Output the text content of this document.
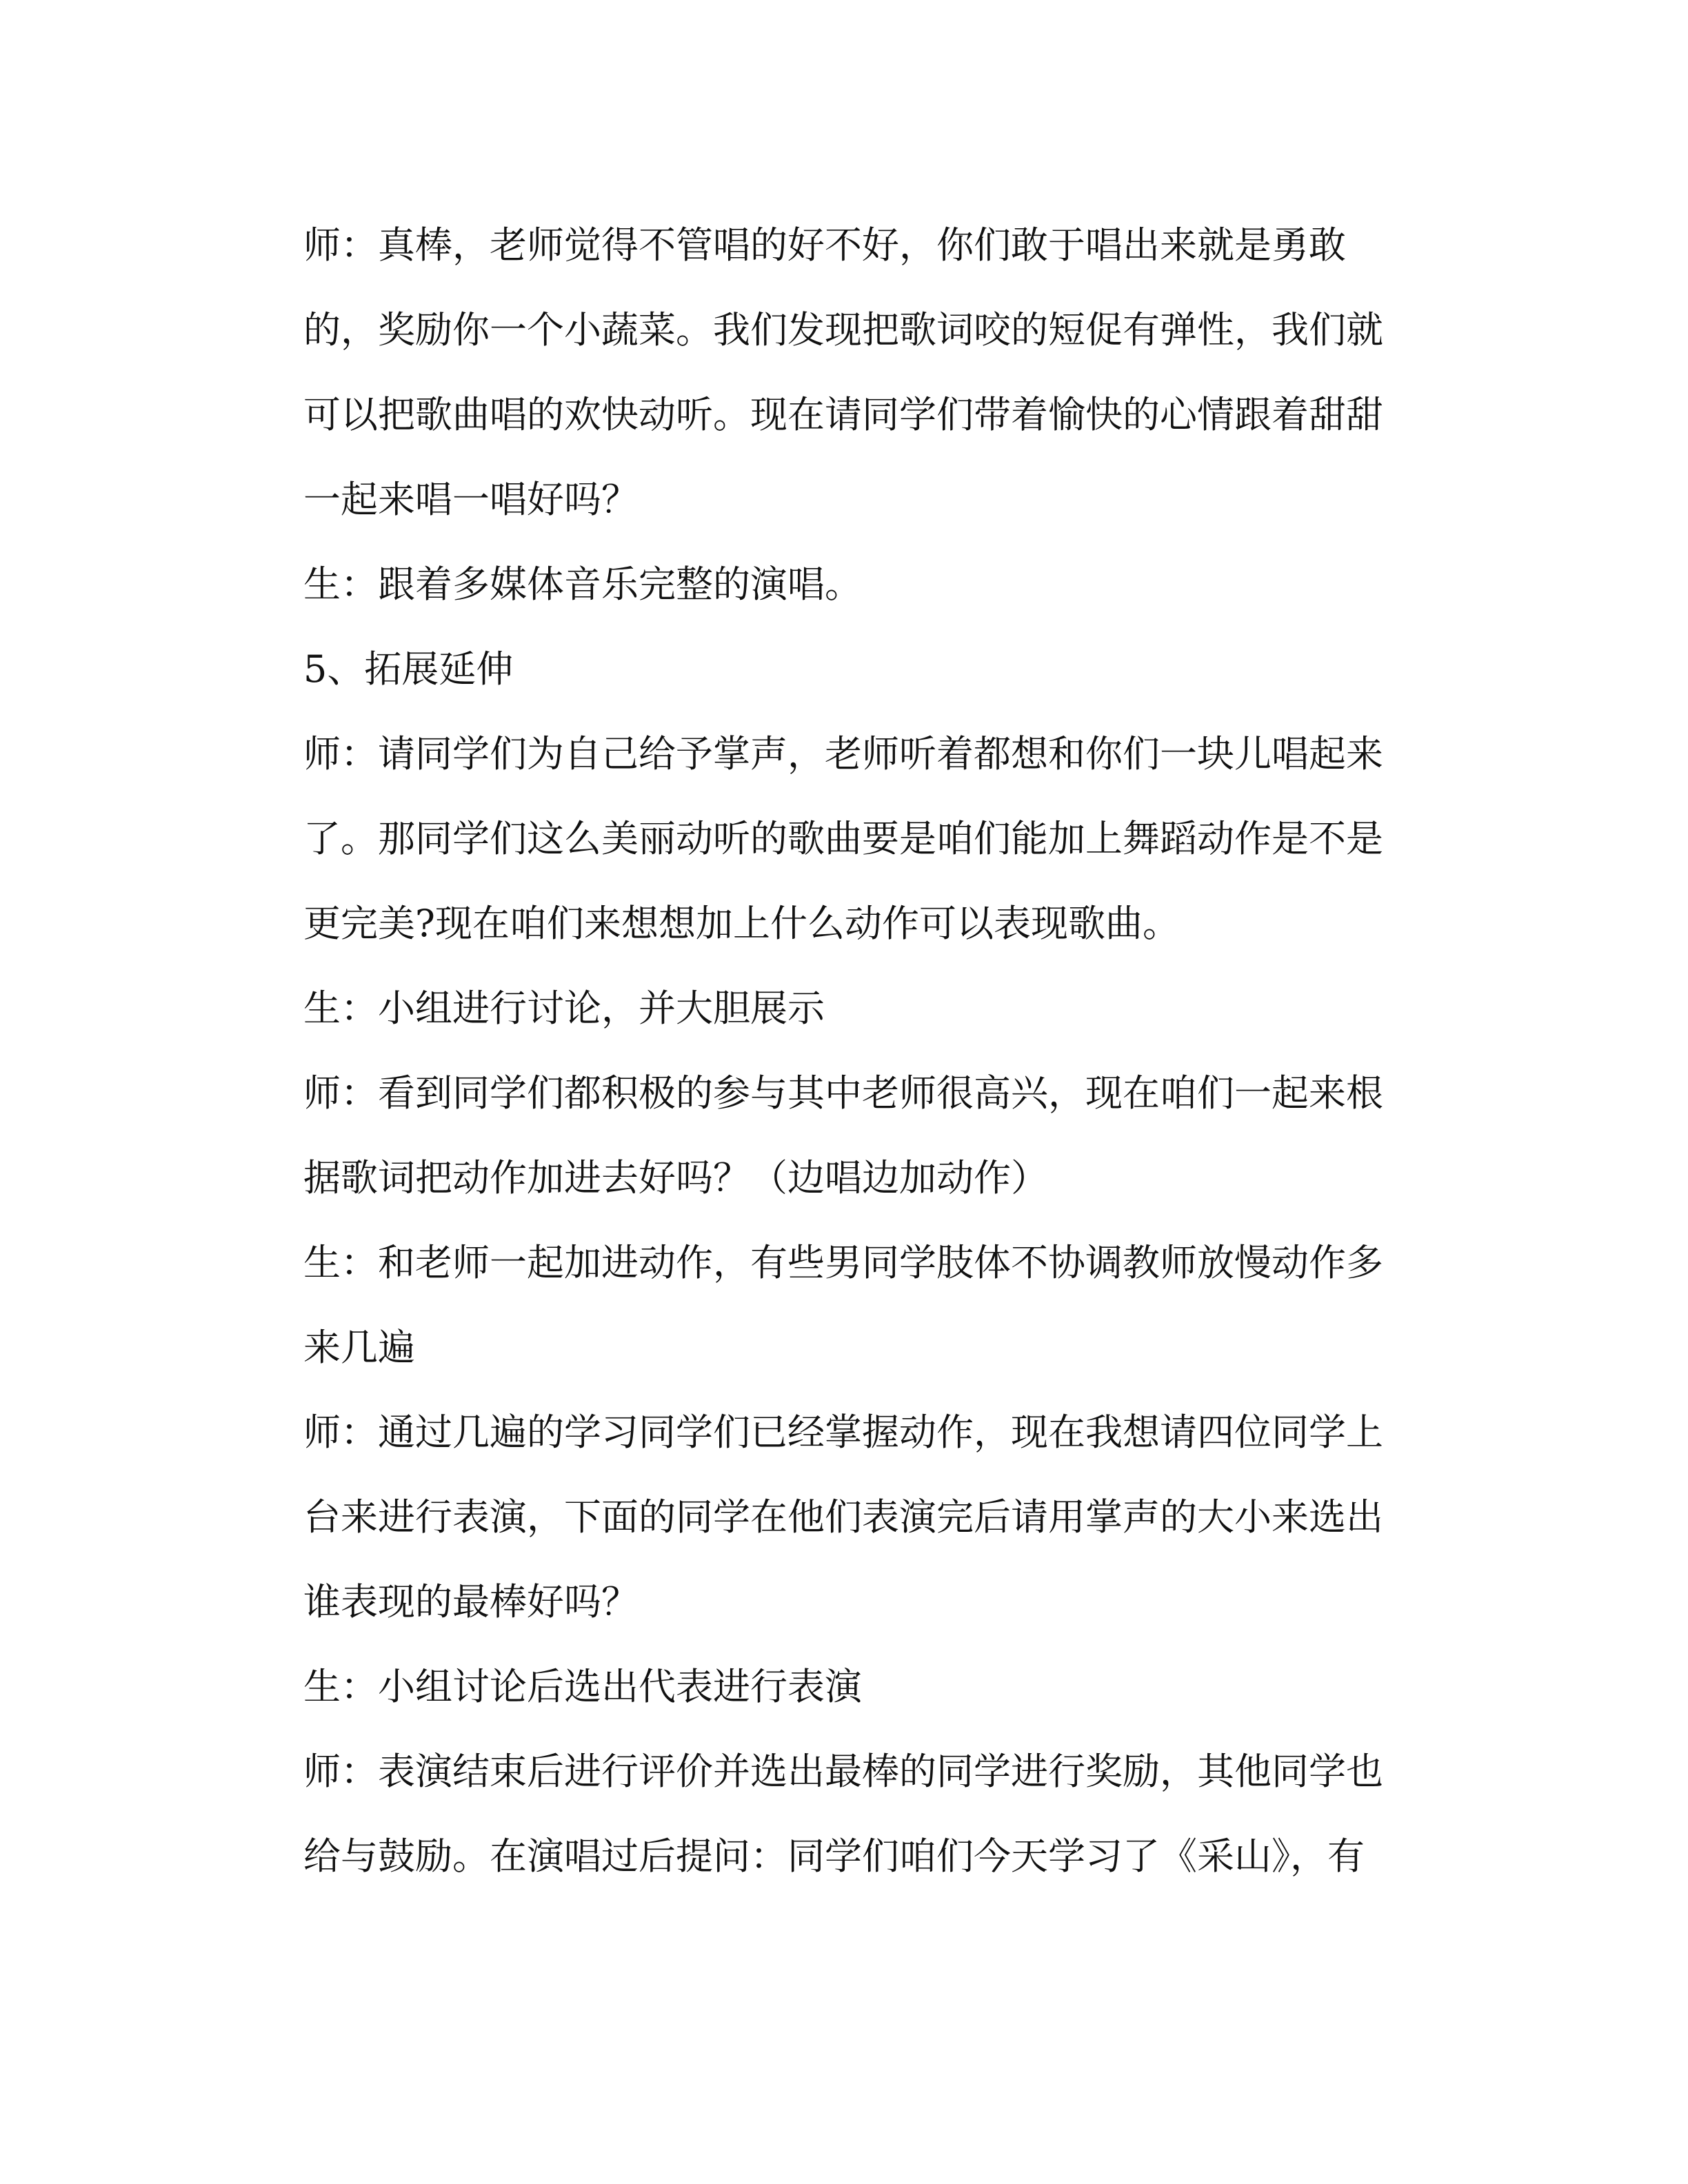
师：真棒，老师觉得不管唱的好不好，你们敢于唱出来就是勇敢
的，奖励你一个小蔬菜。我们发现把歌词咬的短促有弹性，我们就
可以把歌曲唱的欢快动听。现在请同学们带着愉快的心情跟着甜甜
一起来唱一唱好吗？
生：跟着多媒体音乐完整的演唱。
5、拓展延伸
师：请同学们为自己给予掌声，老师听着都想和你们一块儿唱起来
了。那同学们这么美丽动听的歌曲要是咱们能加上舞蹈动作是不是
更完美?现在咱们来想想加上什么动作可以表现歌曲。
生：小组进行讨论，并大胆展示
师：看到同学们都积极的参与其中老师很高兴，现在咱们一起来根
据歌词把动作加进去好吗？（边唱边加动作）
生：和老师一起加进动作，有些男同学肢体不协调教师放慢动作多
来几遍
师：通过几遍的学习同学们已经掌握动作，现在我想请四位同学上
台来进行表演，下面的同学在他们表演完后请用掌声的大小来选出
谁表现的最棒好吗？
生：小组讨论后选出代表进行表演
师：表演结束后进行评价并选出最棒的同学进行奖励，其他同学也
给与鼓励。在演唱过后提问：同学们咱们今天学习了《采山》，有
